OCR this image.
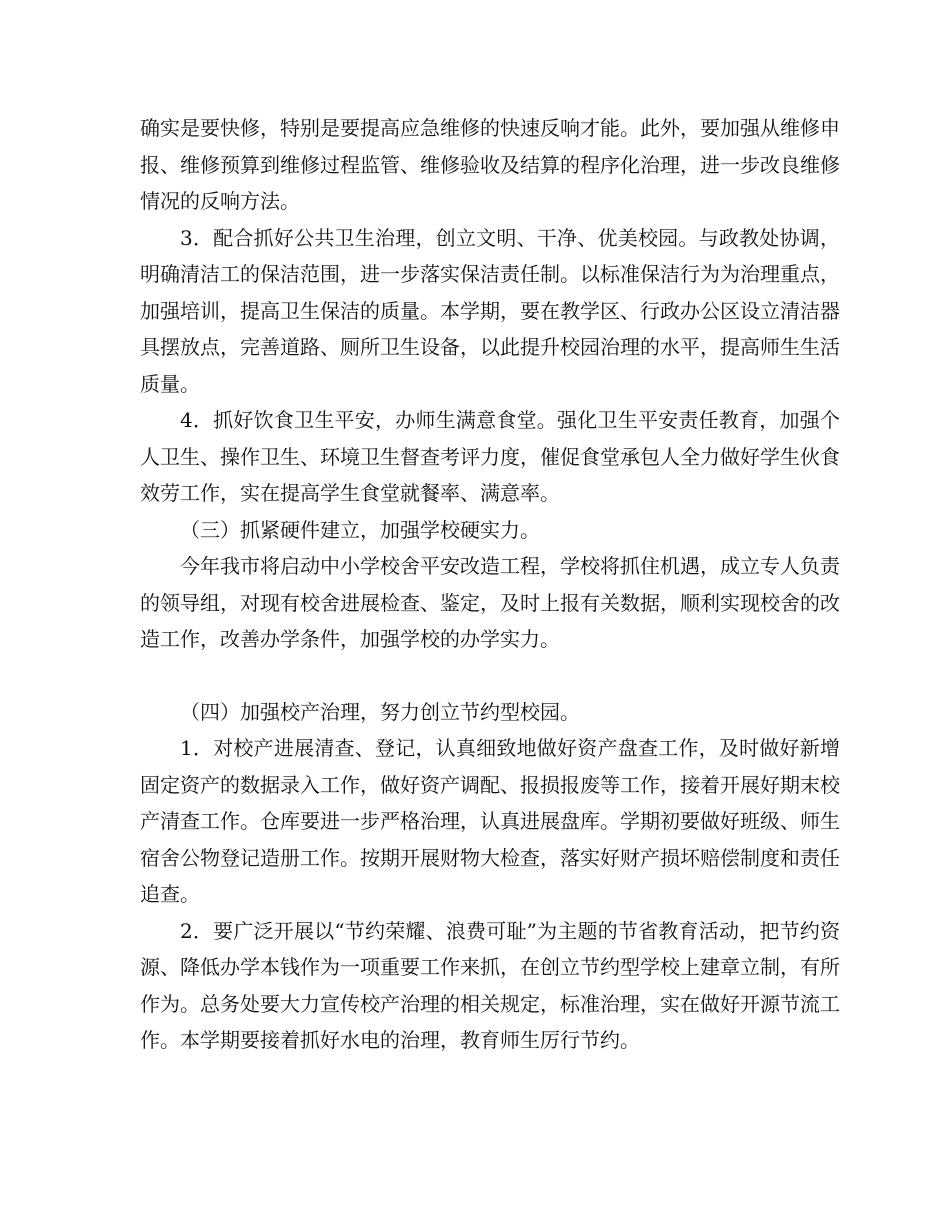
确实是要快修，特别是要提高应急维修的快速反响才能。此外，要加强从维修申报、维修预算到维修过程监管、维修验收及结算的程序化治理，进一步改良维修情况的反响方法。

3．配合抓好公共卫生治理，创立文明、干净、优美校园。与政教处协调，明确清洁工的保洁范围，进一步落实保洁责任制。以标准保洁行为为治理重点，加强培训，提高卫生保洁的质量。本学期，要在教学区、行政办公区设立清洁器具摆放点，完善道路、厕所卫生设备，以此提升校园治理的水平，提高师生生活质量。

4．抓好饮食卫生平安，办师生满意食堂。强化卫生平安责任教育，加强个人卫生、操作卫生、环境卫生督查考评力度，催促食堂承包人全力做好学生伙食效劳工作，实在提高学生食堂就餐率、满意率。

（三）抓紧硬件建立，加强学校硬实力。

今年我市将启动中小学校舍平安改造工程，学校将抓住机遇，成立专人负责的领导组，对现有校舍进展检查、鉴定，及时上报有关数据，顺利实现校舍的改造工作，改善办学条件，加强学校的办学实力。

（四）加强校产治理，努力创立节约型校园。

1．对校产进展清查、登记，认真细致地做好资产盘查工作，及时做好新增固定资产的数据录入工作，做好资产调配、报损报废等工作，接着开展好期末校产清查工作。仓库要进一步严格治理，认真进展盘库。学期初要做好班级、师生宿舍公物登记造册工作。按期开展财物大检查，落实好财产损坏赔偿制度和责任追查。

2．要广泛开展以“节约荣耀、浪费可耻”为主题的节省教育活动，把节约资源、降低办学本钱作为一项重要工作来抓，在创立节约型学校上建章立制，有所作为。总务处要大力宣传校产治理的相关规定，标准治理，实在做好开源节流工作。本学期要接着抓好水电的治理，教育师生厉行节约。
